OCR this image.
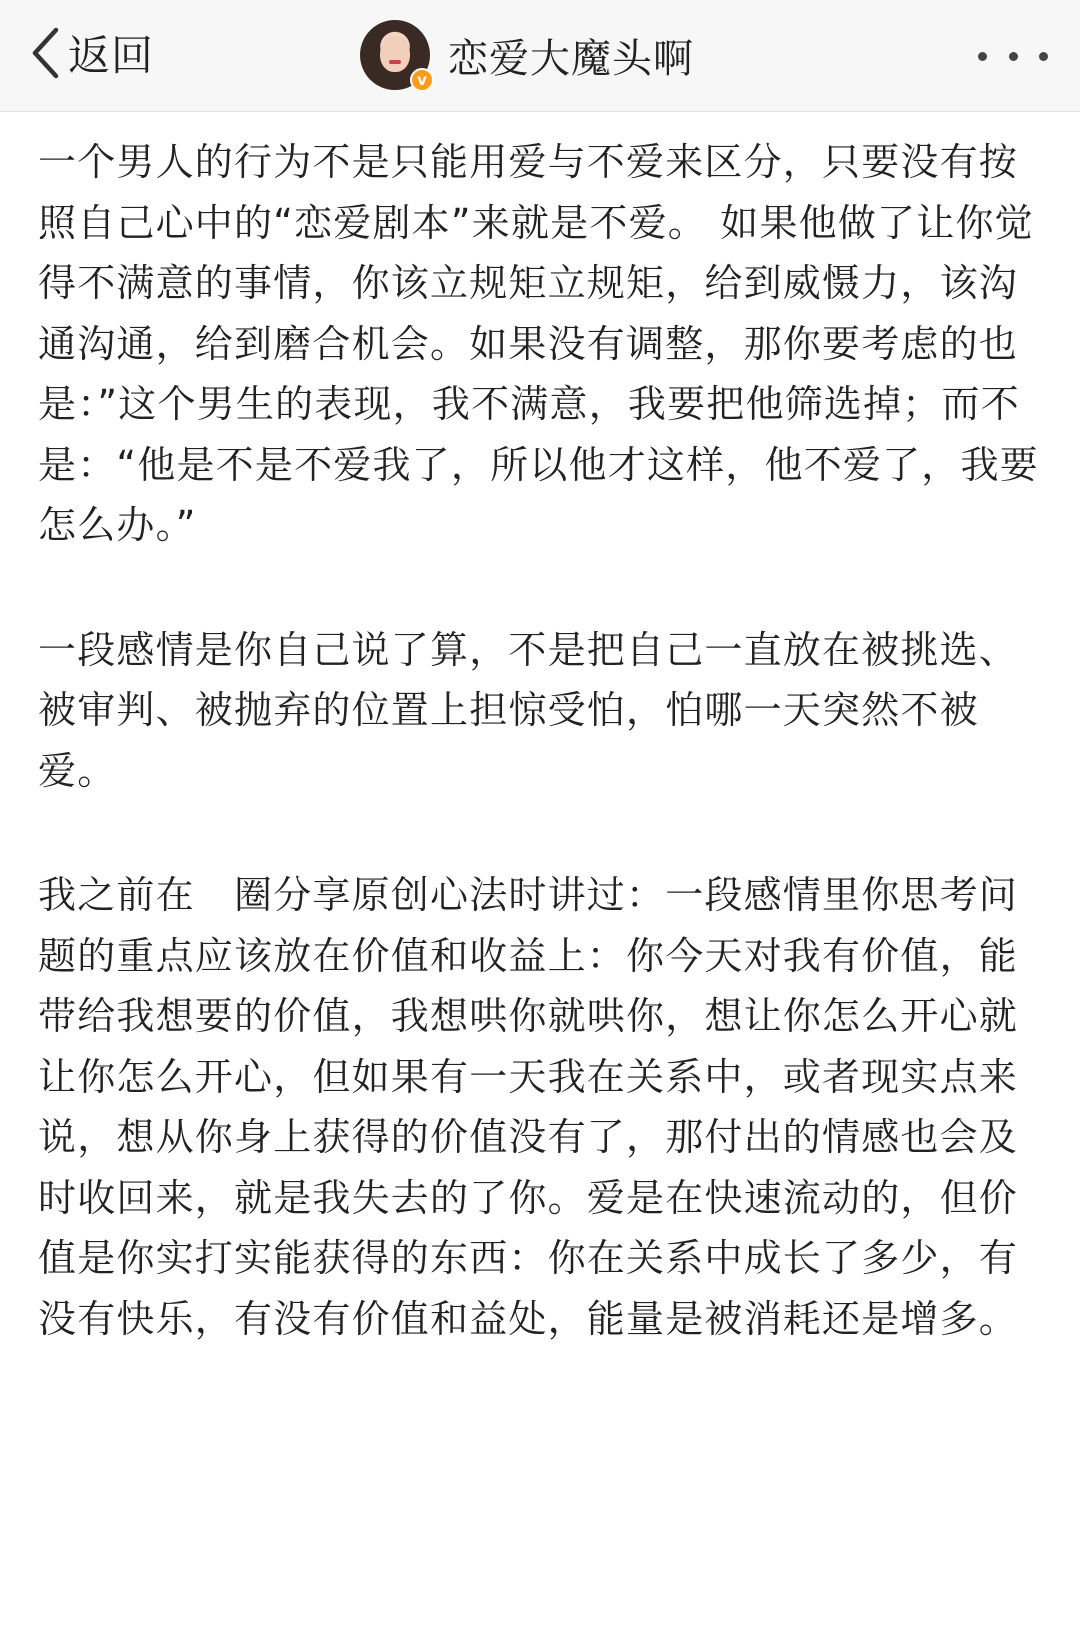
返回	v 恋爱大魔头啊

一个男人的行为不是只能用爱与不爱来区分，只要没有按照自己心中的“恋爱剧本”来就是不爱。 如果他做了让你觉得不满意的事情，你该立规矩立规矩，给到威慑力，该沟通沟通，给到磨合机会。如果没有调整，那你要考虑的也是：”这个男生的表现，我不满意，我要把他筛选掉；而不是：“他是不是不爱我了，所以他才这样，他不爱了，我要怎么办。”

一段感情是你自己说了算，不是把自己一直放在被挑选、被审判、被抛弃的位置上担惊受怕，怕哪一天突然不被爱。

我之前在　圈分享原创心法时讲过：一段感情里你思考问题的重点应该放在价值和收益上：你今天对我有价值，能带给我想要的价值，我想哄你就哄你，想让你怎么开心就让你怎么开心，但如果有一天我在关系中，或者现实点来说，想从你身上获得的价值没有了，那付出的情感也会及时收回来，就是我失去的了你。爱是在快速流动的，但价值是你实打实能获得的东西：你在关系中成长了多少，有没有快乐，有没有价值和益处，能量是被消耗还是增多。
